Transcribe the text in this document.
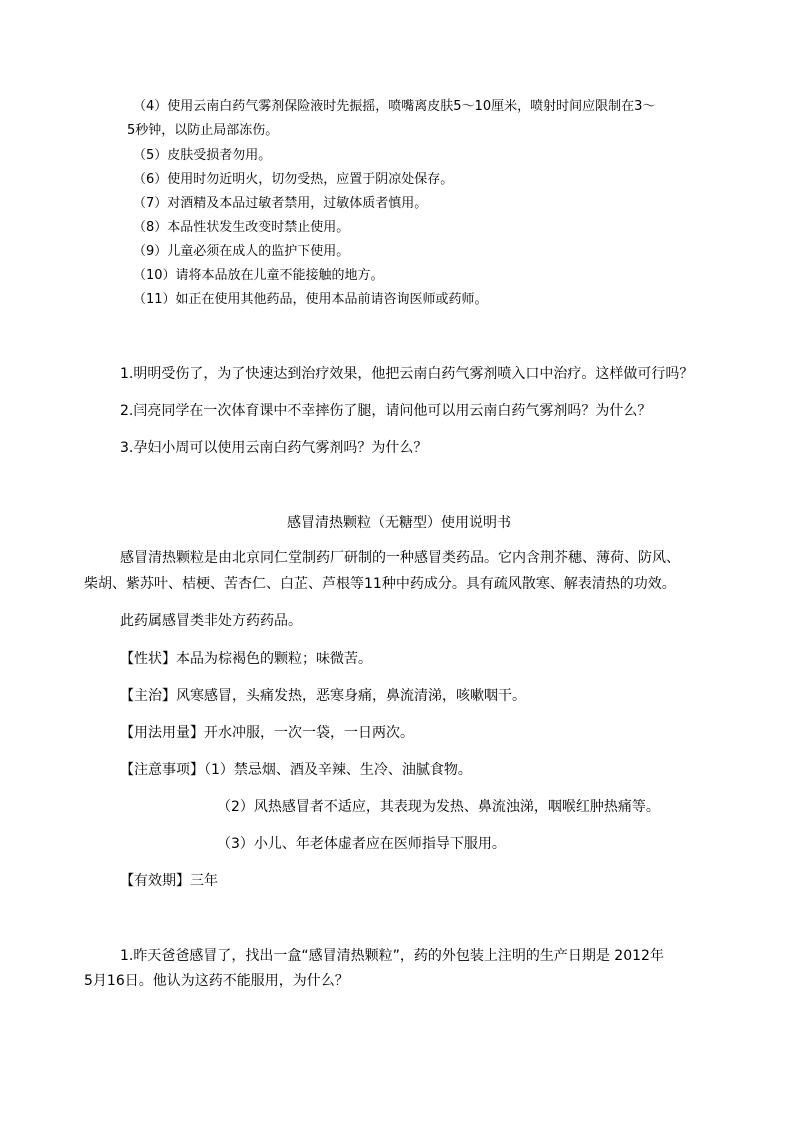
（4）使用云南白药气雾剂保险液时先振摇，喷嘴离皮肤5～10厘米，喷射时间应限制在3～
5秒钟，以防止局部冻伤。
（5）皮肤受损者勿用。
（6）使用时勿近明火，切勿受热，应置于阴凉处保存。
（7）对酒精及本品过敏者禁用，过敏体质者慎用。
（8）本品性状发生改变时禁止使用。
（9）儿童必须在成人的监护下使用。
（10）请将本品放在儿童不能接触的地方。
（11）如正在使用其他药品，使用本品前请咨询医师或药师。
1.明明受伤了，为了快速达到治疗效果，他把云南白药气雾剂喷入口中治疗。这样做可行吗？
2.闫亮同学在一次体育课中不幸摔伤了腿，请问他可以用云南白药气雾剂吗？为什么？
3.孕妇小周可以使用云南白药气雾剂吗？为什么？
感冒清热颗粒（无糖型）使用说明书
感冒清热颗粒是由北京同仁堂制药厂研制的一种感冒类药品。它内含荆芥穗、薄荷、防风、
柴胡、紫苏叶、桔梗、苦杏仁、白芷、芦根等11种中药成分。具有疏风散寒、解表清热的功效。
此药属感冒类非处方药药品。
【性状】本品为棕褐色的颗粒；味微苦。
【主治】风寒感冒，头痛发热，恶寒身痛，鼻流清涕，咳嗽咽干。
【用法用量】开水冲服，一次一袋，一日两次。
【注意事项】（1）禁忌烟、酒及辛辣、生冷、油腻食物。
（2）风热感冒者不适应，其表现为发热、鼻流浊涕，咽喉红肿热痛等。
（3）小儿、年老体虚者应在医师指导下服用。
【有效期】三年
1.昨天爸爸感冒了，找出一盒“感冒清热颗粒”，药的外包装上注明的生产日期是 2012年
5月16日。他认为这药不能服用，为什么？
